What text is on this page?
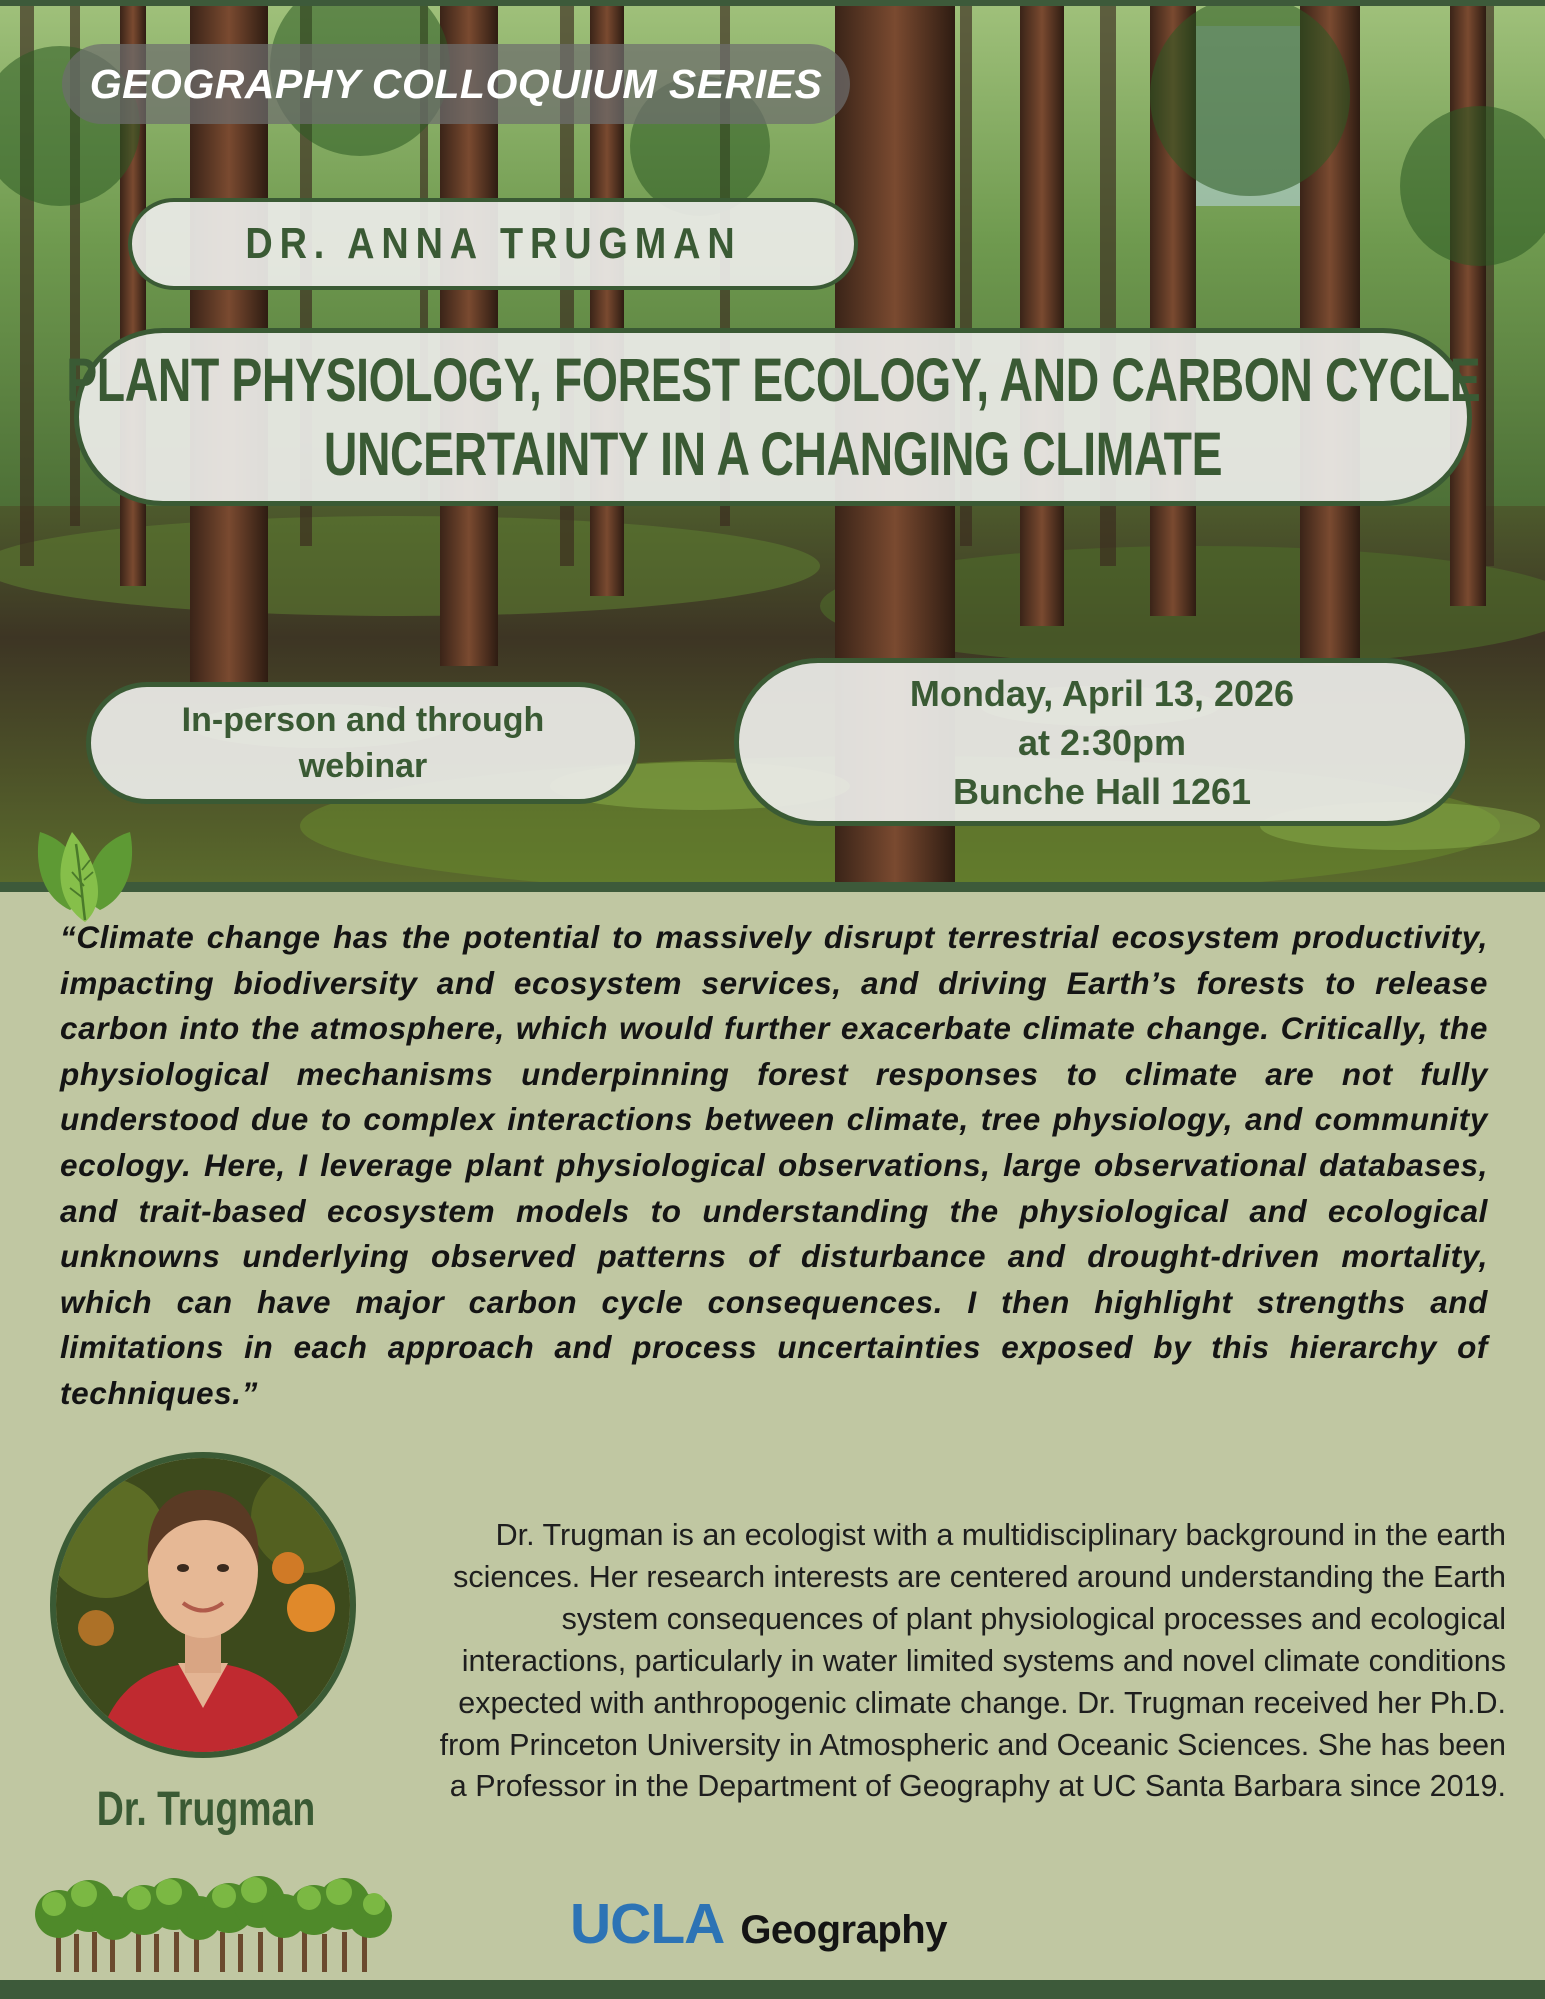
GEOGRAPHY COLLOQUIUM SERIES
DR. ANNA TRUGMAN
PLANT PHYSIOLOGY, FOREST ECOLOGY, AND CARBON CYCLE
UNCERTAINTY IN A CHANGING CLIMATE
In-person and through
webinar
Monday, April 13, 2026
at 2:30pm
Bunche Hall 1261

“Climate change has the potential to massively disrupt terrestrial ecosystem productivity, impacting biodiversity and ecosystem services, and driving Earth’s forests to release carbon into the atmosphere, which would further exacerbate climate change. Critically, the physiological mechanisms underpinning forest responses to climate are not fully understood due to complex interactions between climate, tree physiology, and community ecology. Here, I leverage plant physiological observations, large observational databases, and trait-based ecosystem models to understanding the physiological and ecological unknowns underlying observed patterns of disturbance and drought-driven mortality, which can have major carbon cycle consequences. I then highlight strengths and limitations in each approach and process uncertainties exposed by this hierarchy of techniques.”

Dr. Trugman

Dr. Trugman is an ecologist with a multidisciplinary background in the earth sciences. Her research interests are centered around understanding the Earth system consequences of plant physiological processes and ecological interactions, particularly in water limited systems and novel climate conditions expected with anthropogenic climate change. Dr. Trugman received her Ph.D. from Princeton University in Atmospheric and Oceanic Sciences. She has been a Professor in the Department of Geography at UC Santa Barbara since 2019.

UCLA Geography
